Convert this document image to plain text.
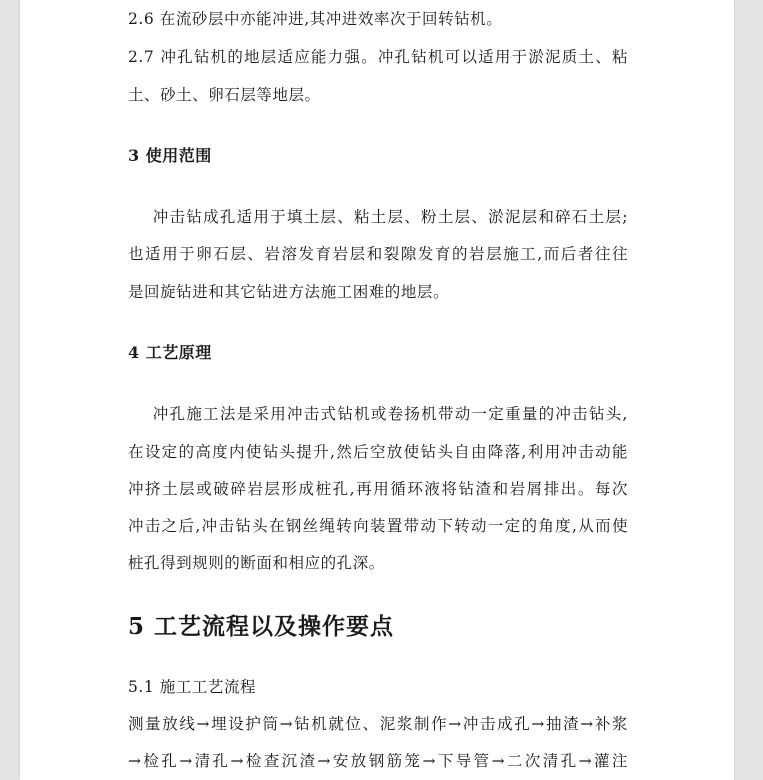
2.6 在流砂层中亦能冲进,其冲进效率次于回转钻机。
2.7 冲孔钻机的地层适应能力强。冲孔钻机可以适用于淤泥质土、粘
土、砂土、卵石层等地层。
3 使用范围
冲击钻成孔适用于填土层、粘土层、粉土层、淤泥层和碎石土层;
也适用于卵石层、岩溶发育岩层和裂隙发育的岩层施工,而后者往往
是回旋钻进和其它钻进方法施工困难的地层。
4 工艺原理
冲孔施工法是采用冲击式钻机或卷扬机带动一定重量的冲击钻头,
在设定的高度内使钻头提升,然后空放使钻头自由降落,利用冲击动能
冲挤土层或破碎岩层形成桩孔,再用循环液将钻渣和岩屑排出。每次
冲击之后,冲击钻头在钢丝绳转向装置带动下转动一定的角度,从而使
桩孔得到规则的断面和相应的孔深。
5 工艺流程以及操作要点
5.1 施工工艺流程
测量放线→埋设护筒→钻机就位、泥浆制作→冲击成孔→抽渣→补浆
→检孔→清孔→检查沉渣→安放钢筋笼→下导管→二次清孔→灌注
